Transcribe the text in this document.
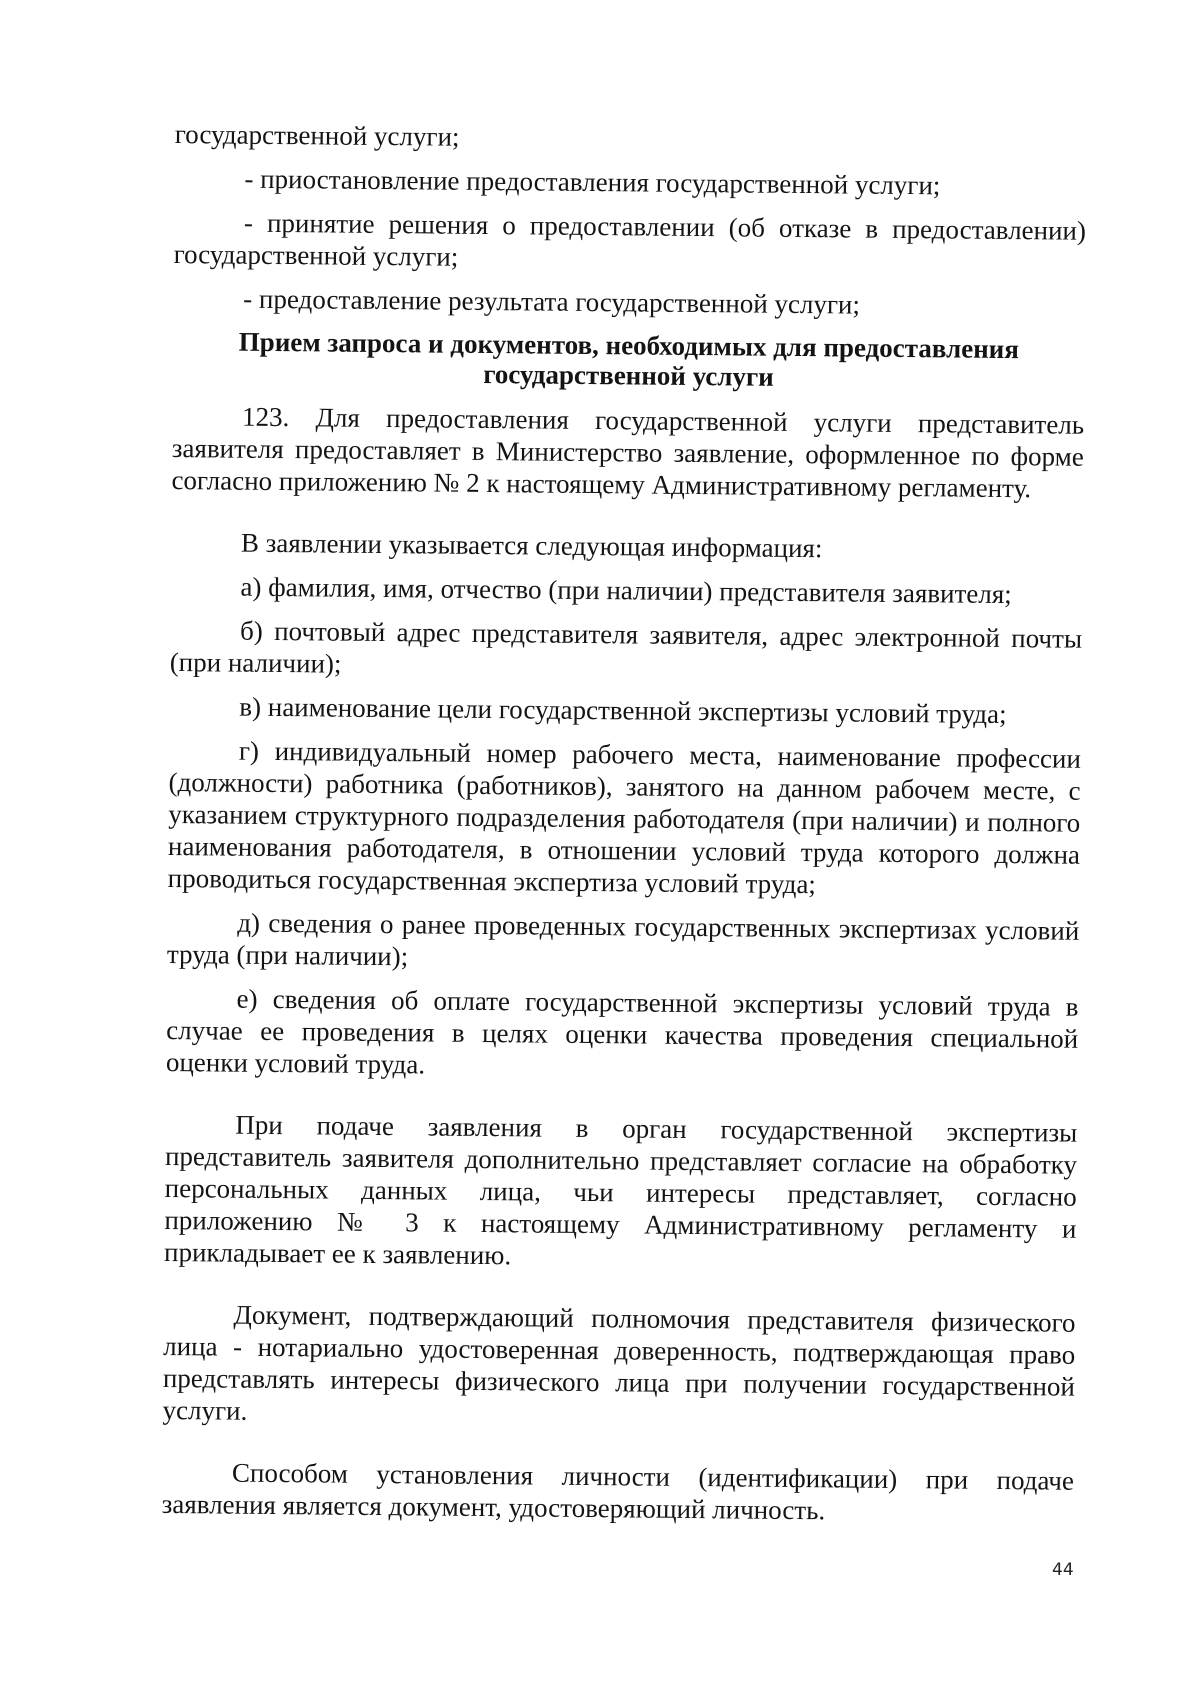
государственной услуги;

- приостановление предоставления государственной услуги;

- принятие решения о предоставлении (об отказе в предоставлении) государственной услуги;

- предоставление результата государственной услуги;

Прием запроса и документов, необходимых для предоставления государственной услуги

123. Для предоставления государственной услуги представитель заявителя предоставляет в Министерство заявление, оформленное по форме согласно приложению № 2 к настоящему Административному регламенту.

В заявлении указывается следующая информация:

а) фамилия, имя, отчество (при наличии) представителя заявителя;

б) почтовый адрес представителя заявителя, адрес электронной почты (при наличии);

в) наименование цели государственной экспертизы условий труда;

г) индивидуальный номер рабочего места, наименование профессии (должности) работника (работников), занятого на данном рабочем месте, с указанием структурного подразделения работодателя (при наличии) и полного наименования работодателя, в отношении условий труда которого должна проводиться государственная экспертиза условий труда;

д) сведения о ранее проведенных государственных экспертизах условий труда (при наличии);

е) сведения об оплате государственной экспертизы условий труда в случае ее проведения в целях оценки качества проведения специальной оценки условий труда.

При подаче заявления в орган государственной экспертизы представитель заявителя дополнительно представляет согласие на обработку персональных данных лица, чьи интересы представляет, согласно приложению № 3 к настоящему Административному регламенту и прикладывает ее к заявлению.

Документ, подтверждающий полномочия представителя физического лица - нотариально удостоверенная доверенность, подтверждающая право представлять интересы физического лица при получении государственной услуги.

Способом установления личности (идентификации) при подаче заявления является документ, удостоверяющий личность.

44
